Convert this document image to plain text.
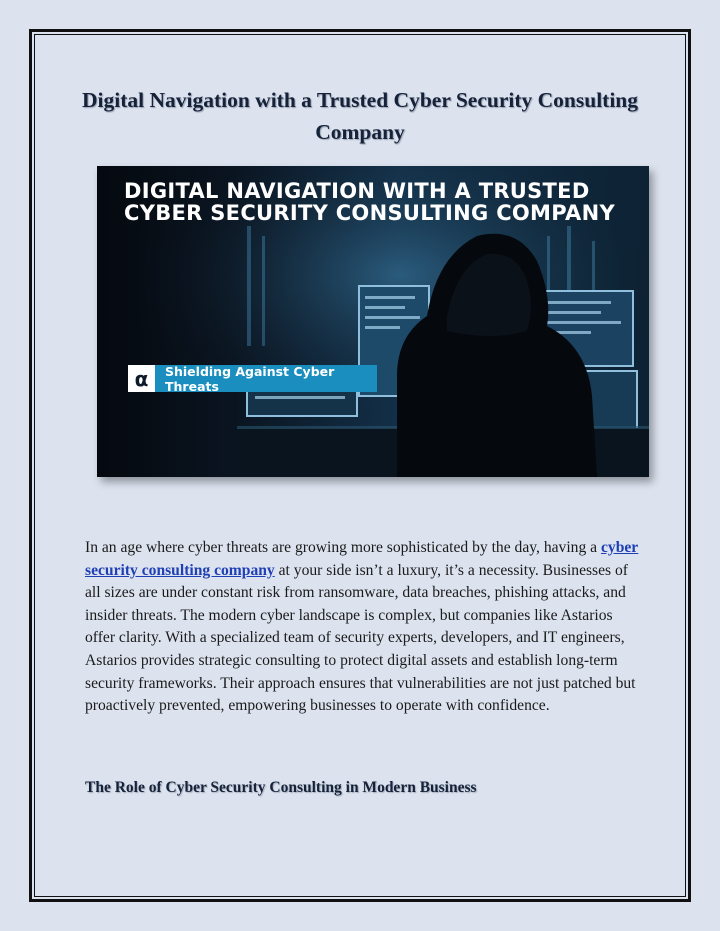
Digital Navigation with a Trusted Cyber Security Consulting Company
DIGITAL NAVIGATION WITH A TRUSTED
CYBER SECURITY CONSULTING COMPANY
α	Shielding Against Cyber Threats

In an age where cyber threats are growing more sophisticated by the day, having a cyber security consulting company at your side isn’t a luxury, it’s a necessity. Businesses of all sizes are under constant risk from ransomware, data breaches, phishing attacks, and insider threats. The modern cyber landscape is complex, but companies like Astarios offer clarity. With a specialized team of security experts, developers, and IT engineers, Astarios provides strategic consulting to protect digital assets and establish long-term security frameworks. Their approach ensures that vulnerabilities are not just patched but proactively prevented, empowering businesses to operate with confidence.

The Role of Cyber Security Consulting in Modern Business
